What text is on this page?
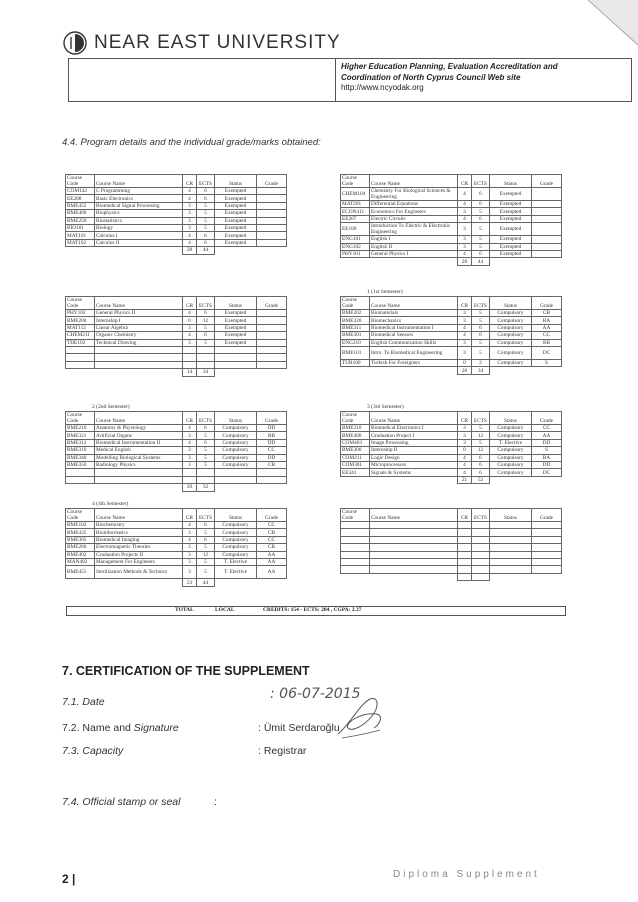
NEAR EAST UNIVERSITY
Higher Education Planning, Evaluation Accreditation and
Coordination of North Cyprus Council Web site
http://www.ncyodak.org
4.4. Program details and the individual grade/marks obtained:
Course Code	Course Name	CR	ECTS	Status	Grade
COM142	C Programming	4	6	Exempted	
EE208	Basic Electronics	4	6	Exempted	
BME452	Biomedical Signal Processing	3	5	Exempted	
BME460	Biophysics	3	5	Exempted	
BME250	Biostatistics	3	5	Exempted	
BIO101	Biology	3	5	Exempted	
MAT101	Calculus I	4	6	Exempted	
MAT102	Calculus II	4	6	Exempted	
		28	44		
Course Code	Course Name	CR	ECTS	Status	Grade
CHEM104	Chemistry For Biological Sciences & Engineering	4	6	Exempted	
MAT201	Differential Equations	4	6	Exempted	
ECON411	Economics For Engineers	3	5	Exempted	
EE207	Electric Circuits	4	6	Exempted	
EE100	Introduction To Electric & Electronic Engineering	3	5	Exempted	
ENG101	English I	3	5	Exempted	
ENG102	English II	3	5	Exempted	
PHY101	General Physics I	4	6	Exempted	
		28	44		
Course Code	Course Name	CR	ECTS	Status	Grade
PHY102	General Physics II	4	6	Exempted	
BME200	Internship I	0	12	Exempted	
MAT112	Linear Algebra	3	5	Exempted	
CHEM211	Organic Chemistry	4	6	Exempted	
TDE102	Technical Drawing	3	5	Exempted	

		14	34		
1 (1st Semester)
Course Code	Course Name	CR	ECTS	Status	Grade
BME202	Biomaterials	3	5	Compulsory	CB
BME320	Biomechanics	3	5	Compulsory	BA
BME311	Biomedical Instrumentation I	4	6	Compulsory	AA
BME301	Biomedical Sensors	4	6	Compulsory	CC
ENG210	English Communication Skills	3	5	Compulsory	BB
BME101	Intro. To Biomedical Engineering	3	5	Compulsory	DC
TUR100	Turkish For Foreigners	0	2	Compulsory	S
		20	34		
2 (2nd Semester)
Course Code	Course Name	CR	ECTS	Status	Grade
BME210	Anatomy & Physiology	4	6	Compulsory	DD
BME321	Artificial Organs	3	5	Compulsory	BB
BME312	Biomedical Instrumentation II	4	6	Compulsory	DD
BME310	Medical English	3	5	Compulsory	CC
BME340	Modelling Biological Systems	3	5	Compulsory	DD
BME350	Radiology Physics	3	5	Compulsory	CB

		20	32		
3 (3rd Semester)
Course Code	Course Name	CR	ECTS	Status	Grade
BME310	Biomedical Electronics I	3	5	Compulsory	CC
BME400	Graduation Project I	3	12	Compulsory	AA
COM463	Image Processing	3	5	T. Elective	DD
BME300	Internship II	0	12	Compulsory	S
COM211	Logic Design	4	6	Compulsory	BA
COM301	Microprocessors	4	6	Compulsory	DD
EE341	Signals & Systems	4	6	Compulsory	DC
		21	52		
4 (4th Semester)
Course Code	Course Name	CR	ECTS	Status	Grade
BME102	Biochemistry	4	6	Compulsory	CC
BME435	Bioinformatics	3	5	Compulsory	CB
BME305	Biomedical Imaging	4	6	Compulsory	CC
BME260	Electromagnetic Theories	3	5	Compulsory	CB
BME402	Graduation Projects II	3	12	Compulsory	AA
MAN402	Management For Engineers	3	5	T. Elective	AA
BME455	Sterilization Methods & Technics	3	5	T. Elective	AA
		23	44		
Course Code	Course Name	CR	ECTS	Status	Grade

TOTAL	LOCAL	CREDITS: 154 - ECTS: 284 , CGPA: 2.37
7. CERTIFICATION OF THE SUPPLEMENT
7.1. Date	: 06-07-2015
7.2. Name and Signature	: Ümit Serdaroğlu
7.3. Capacity	: Registrar
7.4. Official stamp or seal	:
2 |	Diploma Supplement
